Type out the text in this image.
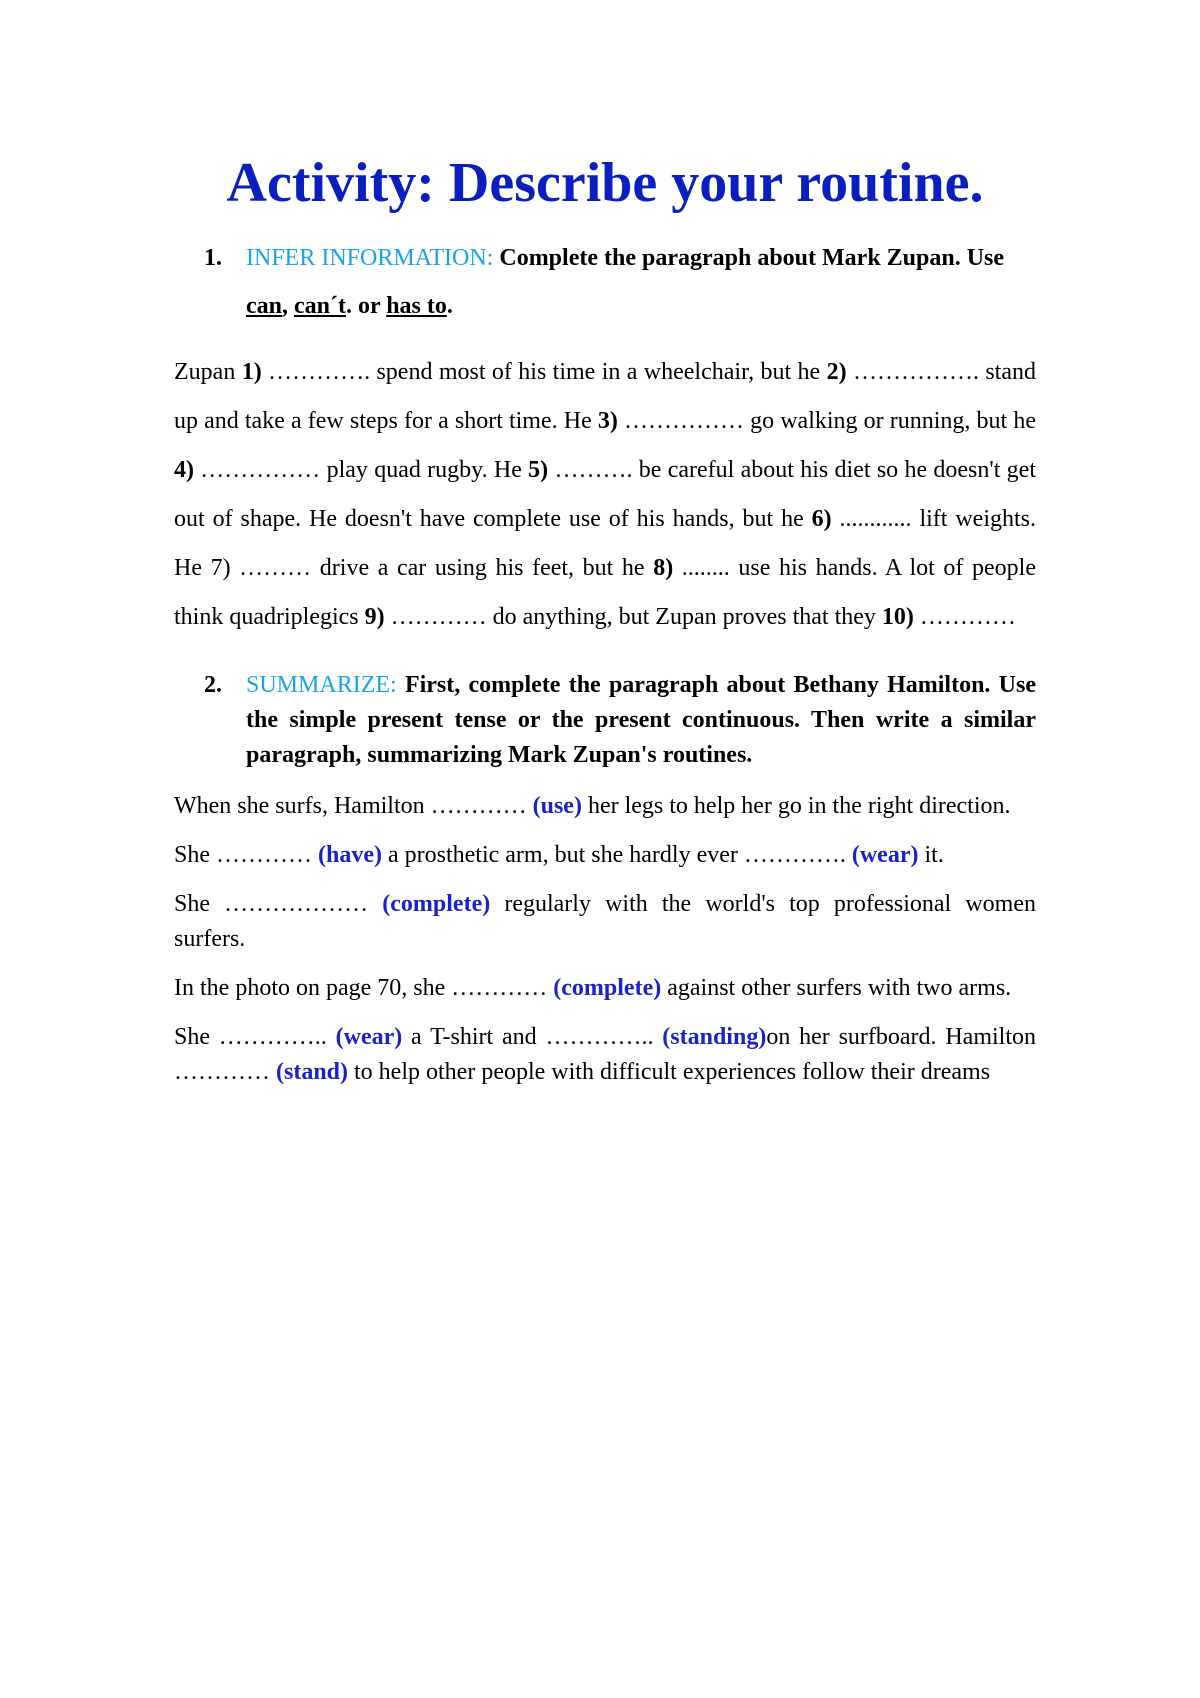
Activity: Describe your routine.
1. INFER INFORMATION: Complete the paragraph about Mark Zupan. Use can, can´t. or has to.
Zupan 1) …………. spend most of his time in a wheelchair, but he 2) ……………. stand up and take a few steps for a short time. He 3) …………… go walking or running, but he 4) …………… play quad rugby. He 5) ………. be careful about his diet so he doesn't get out of shape. He doesn't have complete use of his hands, but he 6) ............ lift weights. He 7) ……… drive a car using his feet, but he 8) ........ use his hands. A lot of people think quadriplegics 9) ………… do anything, but Zupan proves that they 10) …………
2. SUMMARIZE: First, complete the paragraph about Bethany Hamilton. Use the simple present tense or the present continuous. Then write a similar paragraph, summarizing Mark Zupan's routines.
When she surfs, Hamilton ………… (use) her legs to help her go in the right direction.
She ………… (have) a prosthetic arm, but she hardly ever …………. (wear) it.
She ……………… (complete) regularly with the world's top professional women surfers.
In the photo on page 70, she ………… (complete) against other surfers with two arms.
She ………….. (wear) a T-shirt and ………….. (standing)on her surfboard. Hamilton ………… (stand) to help other people with difficult experiences follow their dreams
